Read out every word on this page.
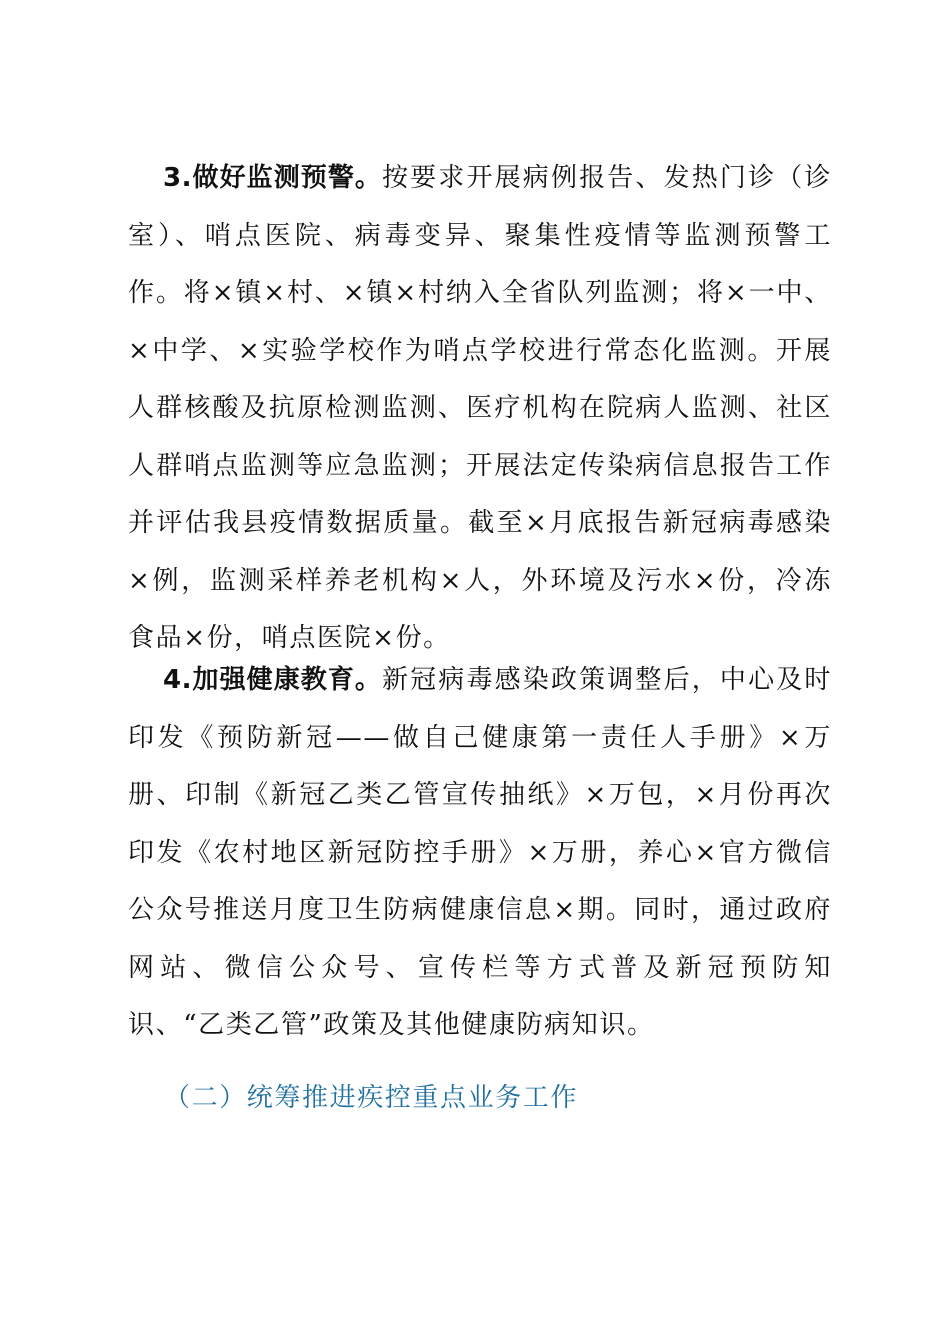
3.做好监测预警。按要求开展病例报告、发热门诊（诊室）、哨点医院、病毒变异、聚集性疫情等监测预警工作。将×镇×村、×镇×村纳入全省队列监测；将×一中、×中学、×实验学校作为哨点学校进行常态化监测。开展人群核酸及抗原检测监测、医疗机构在院病人监测、社区人群哨点监测等应急监测；开展法定传染病信息报告工作并评估我县疫情数据质量。截至×月底报告新冠病毒感染×例，监测采样养老机构×人，外环境及污水×份，冷冻食品×份，哨点医院×份。

4.加强健康教育。新冠病毒感染政策调整后，中心及时印发《预防新冠——做自己健康第一责任人手册》×万册、印制《新冠乙类乙管宣传抽纸》×万包，×月份再次印发《农村地区新冠防控手册》×万册，养心×官方微信公众号推送月度卫生防病健康信息×期。同时，通过政府网站、微信公众号、宣传栏等方式普及新冠预防知识、“乙类乙管”政策及其他健康防病知识。

（二）统筹推进疾控重点业务工作
